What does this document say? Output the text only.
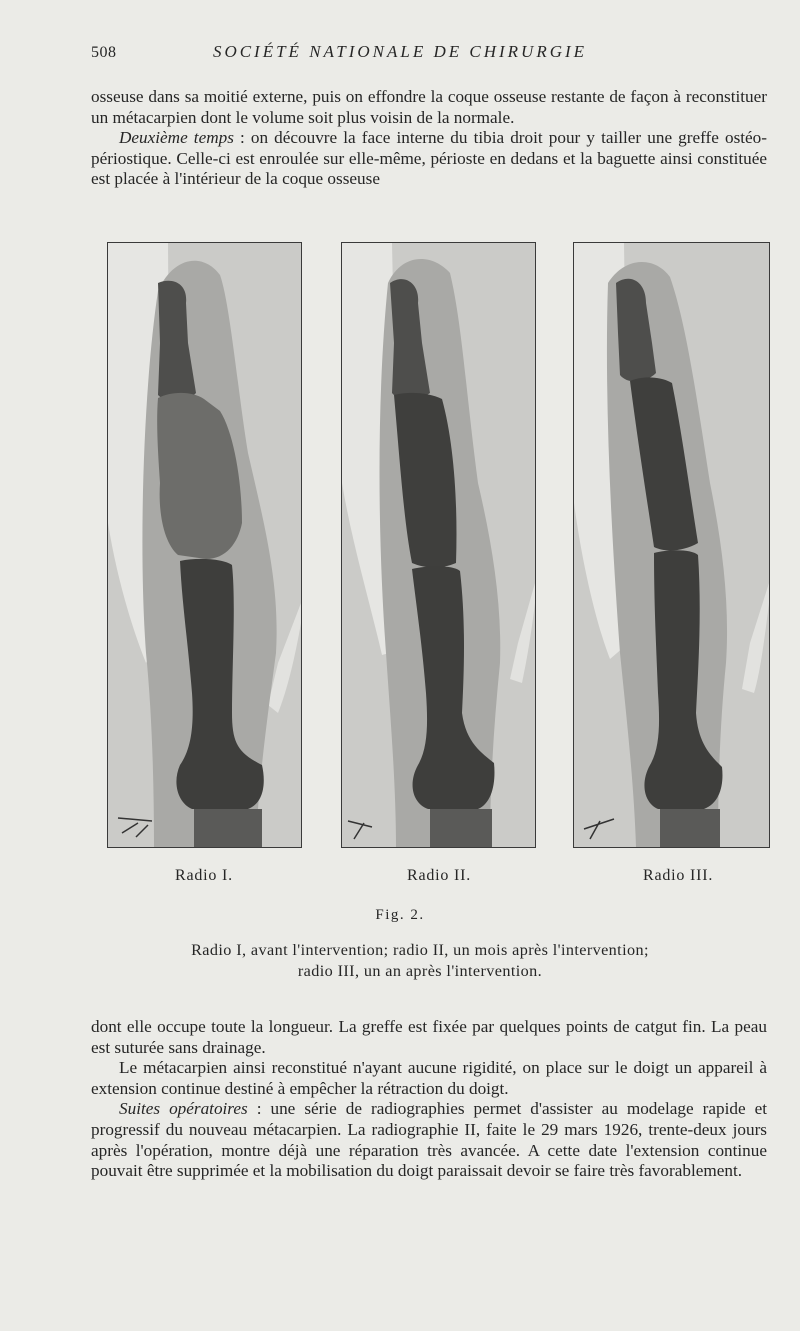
508	SOCIÉTÉ NATIONALE DE CHIRURGIE

osseuse dans sa moitié externe, puis on effondre la coque osseuse restante de façon à reconstituer un métacarpien dont le volume soit plus voisin de la normale.

Deuxième temps : on découvre la face interne du tibia droit pour y tailler une greffe ostéo-périostique. Celle-ci est enroulée sur elle-même, périoste en dedans et la baguette ainsi constituée est placée à l'intérieur de la coque osseuse

Radio I.	Radio II.	Radio III.
Fig. 2.
Radio I, avant l'intervention; radio II, un mois après l'intervention;
radio III, un an après l'intervention.

dont elle occupe toute la longueur. La greffe est fixée par quelques points de catgut fin. La peau est suturée sans drainage.

Le métacarpien ainsi reconstitué n'ayant aucune rigidité, on place sur le doigt un appareil à extension continue destiné à empêcher la rétraction du doigt.

Suites opératoires : une série de radiographies permet d'assister au modelage rapide et progressif du nouveau métacarpien. La radiographie II, faite le 29 mars 1926, trente-deux jours après l'opération, montre déjà une réparation très avancée. A cette date l'extension continue pouvait être supprimée et la mobilisation du doigt paraissait devoir se faire très favorablement.
